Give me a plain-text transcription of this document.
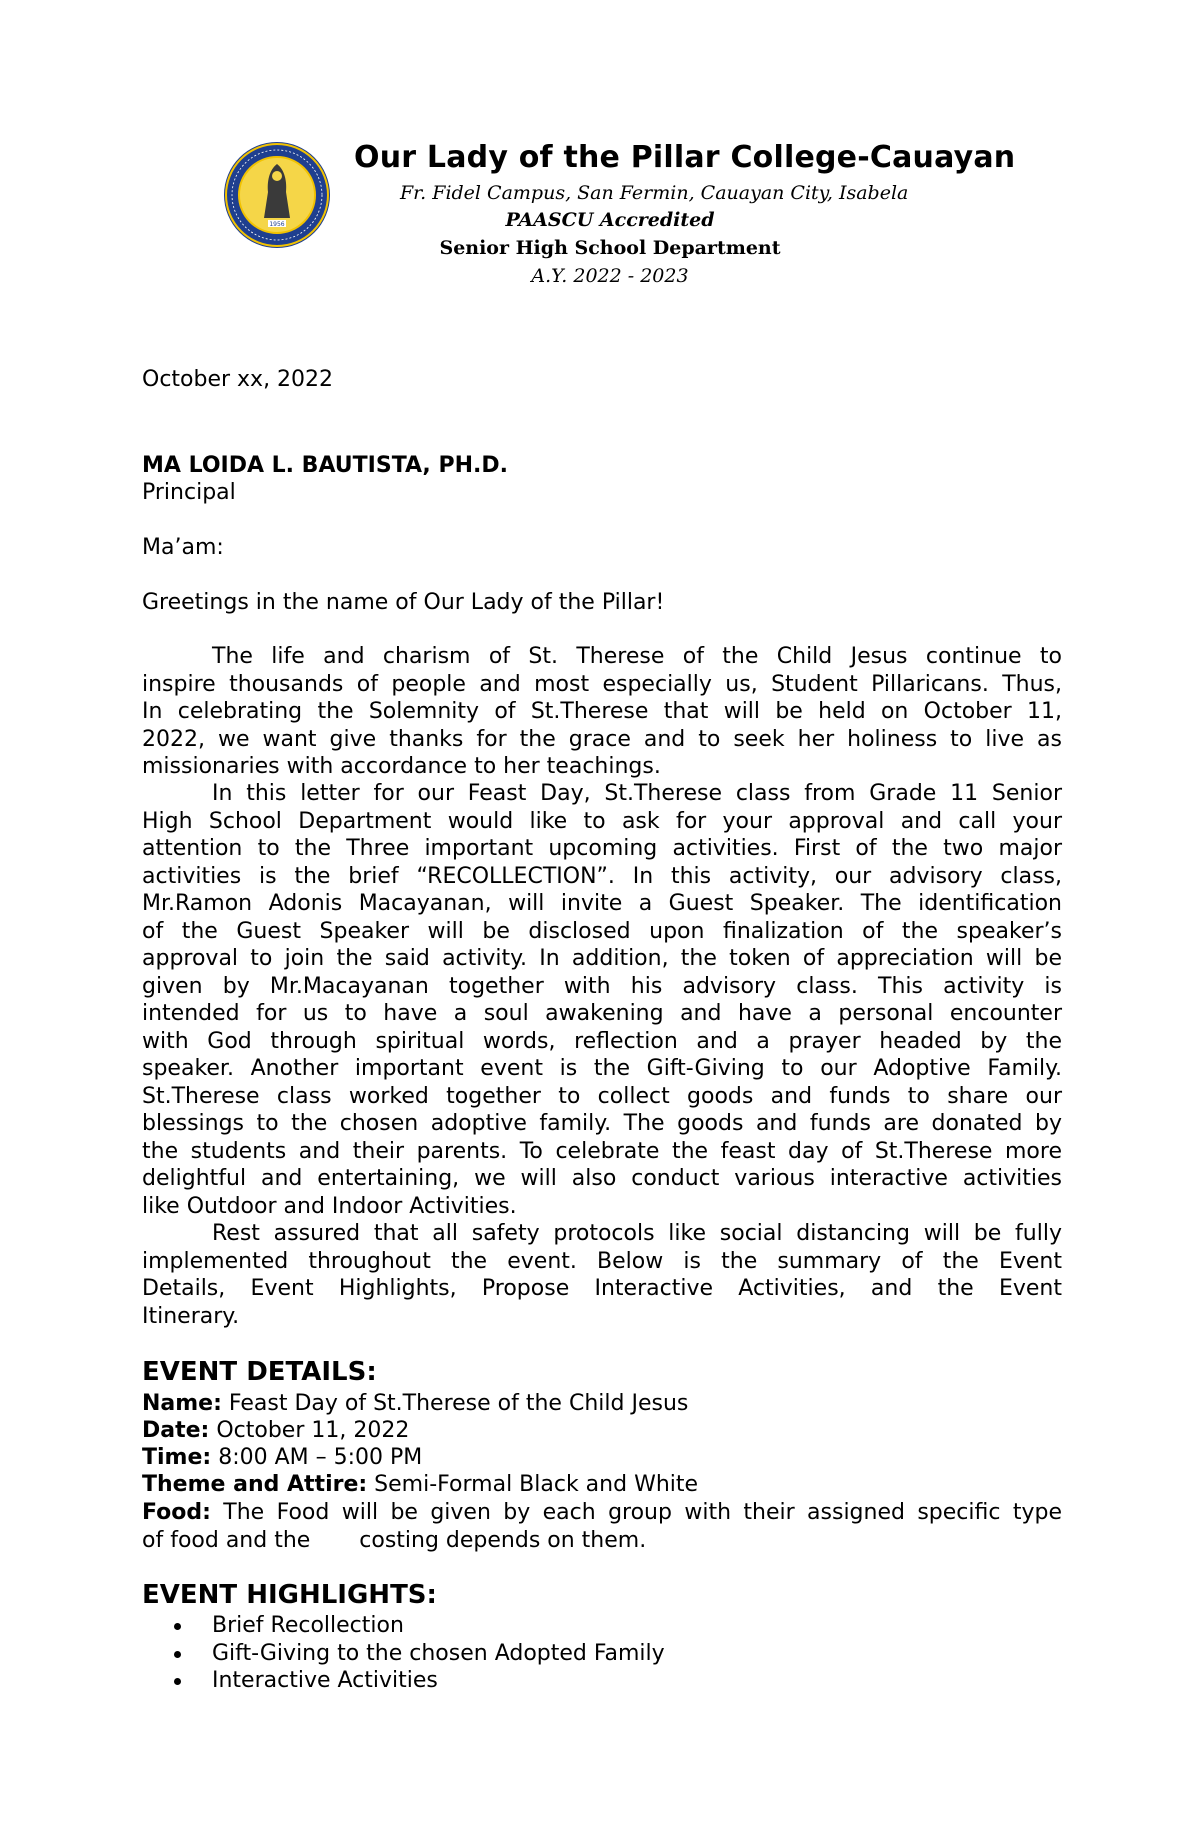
1956
Our Lady of the Pillar College-Cauayan
Fr. Fidel Campus, San Fermin, Cauayan City, Isabela
PAASCU Accredited
Senior High School Department
A.Y. 2022 - 2023
October xx, 2022
MA LOIDA L. BAUTISTA, PH.D.
Principal
Ma’am:
Greetings in the name of Our Lady of the Pillar!
The life and charism of St. Therese of the Child Jesus continue to
inspire thousands of people and most especially us, Student Pillaricans. Thus,
In celebrating the Solemnity of St.Therese that will be held on October 11,
2022, we want give thanks for the grace and to seek her holiness to live as
missionaries with accordance to her teachings.
In this letter for our Feast Day, St.Therese class from Grade 11 Senior
High School Department would like to ask for your approval and call your
attention to the Three important upcoming activities. First of the two major
activities is the brief “RECOLLECTION”. In this activity, our advisory class,
Mr.Ramon Adonis Macayanan, will invite a Guest Speaker. The identification
of the Guest Speaker will be disclosed upon finalization of the speaker’s
approval to join the said activity. In addition, the token of appreciation will be
given by Mr.Macayanan together with his advisory class. This activity is
intended for us to have a soul awakening and have a personal encounter
with God through spiritual words, reflection and a prayer headed by the
speaker. Another important event is the Gift-Giving to our Adoptive Family.
St.Therese class worked together to collect goods and funds to share our
blessings to the chosen adoptive family. The goods and funds are donated by
the students and their parents. To celebrate the feast day of St.Therese more
delightful and entertaining, we will also conduct various interactive activities
like Outdoor and Indoor Activities.
Rest assured that all safety protocols like social distancing will be fully
implemented throughout the event. Below is the summary of the Event
Details, Event Highlights, Propose Interactive Activities, and the Event
Itinerary.
EVENT DETAILS:
Name: Feast Day of St.Therese of the Child Jesus
Date: October 11, 2022
Time: 8:00 AM – 5:00 PM
Theme and Attire: Semi-Formal Black and White
Food: The Food will be given by each group with their assigned specific type
of food and the       costing depends on them.
EVENT HIGHLIGHTS:
Brief Recollection
Gift-Giving to the chosen Adopted Family
Interactive Activities
